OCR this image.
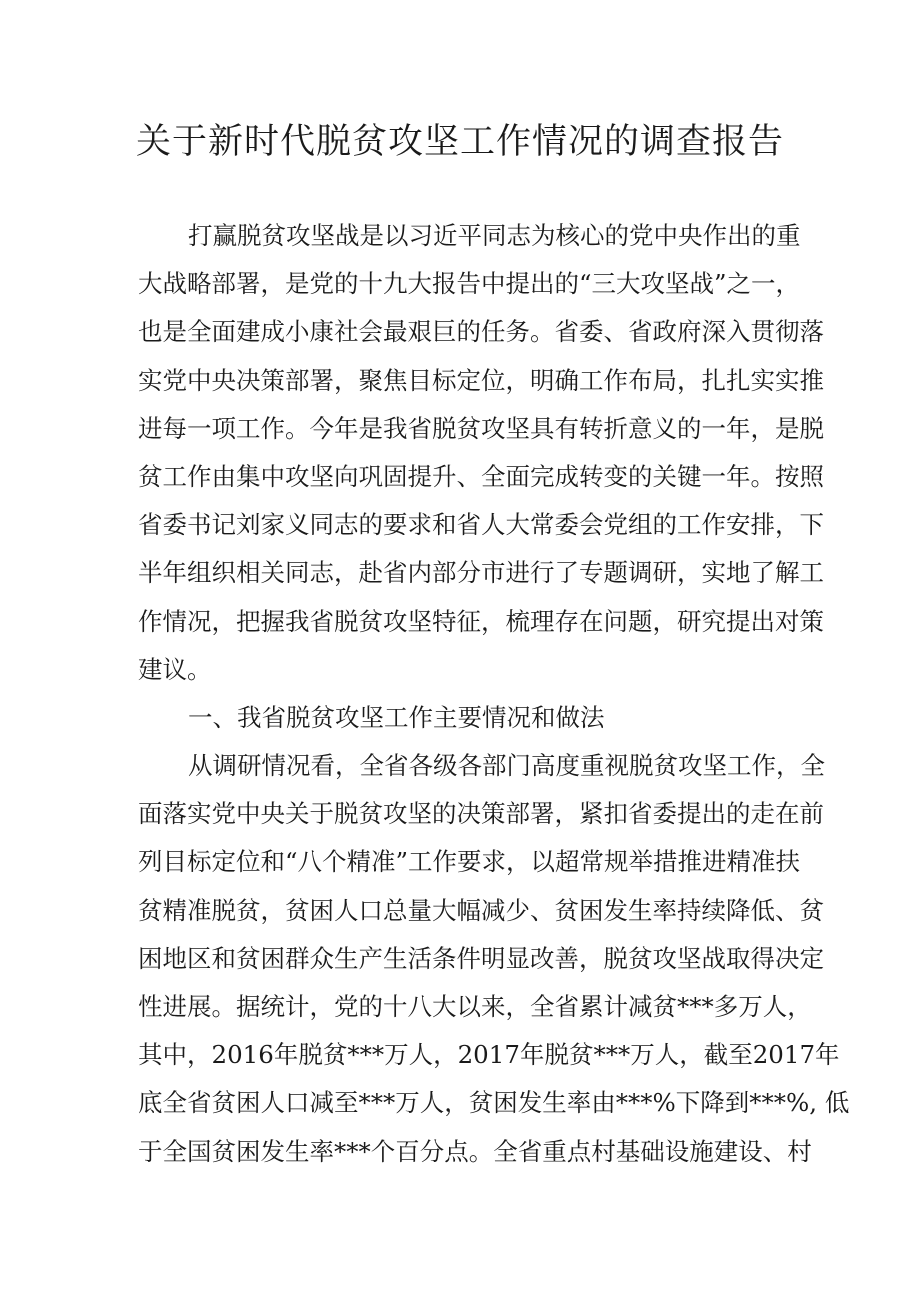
关于新时代脱贫攻坚工作情况的调查报告
打赢脱贫攻坚战是以习近平同志为核心的党中央作出的重
大战略部署，是党的十九大报告中提出的“三大攻坚战”之一，
也是全面建成小康社会最艰巨的任务。省委、省政府深入贯彻落
实党中央决策部署，聚焦目标定位，明确工作布局，扎扎实实推
进每一项工作。今年是我省脱贫攻坚具有转折意义的一年，是脱
贫工作由集中攻坚向巩固提升、全面完成转变的关键一年。按照
省委书记刘家义同志的要求和省人大常委会党组的工作安排，下
半年组织相关同志，赴省内部分市进行了专题调研，实地了解工
作情况，把握我省脱贫攻坚特征，梳理存在问题，研究提出对策
建议。
一、我省脱贫攻坚工作主要情况和做法
从调研情况看，全省各级各部门高度重视脱贫攻坚工作，全
面落实党中央关于脱贫攻坚的决策部署，紧扣省委提出的走在前
列目标定位和“八个精准”工作要求，以超常规举措推进精准扶
贫精准脱贫，贫困人口总量大幅减少、贫困发生率持续降低、贫
困地区和贫困群众生产生活条件明显改善，脱贫攻坚战取得决定
性进展。据统计，党的十八大以来，全省累计减贫***多万人，
其中，2016年脱贫***万人，2017年脱贫***万人，截至2017年
底全省贫困人口减至***万人，贫困发生率由***%下降到***%, 低
于全国贫困发生率***个百分点。全省重点村基础设施建设、村
